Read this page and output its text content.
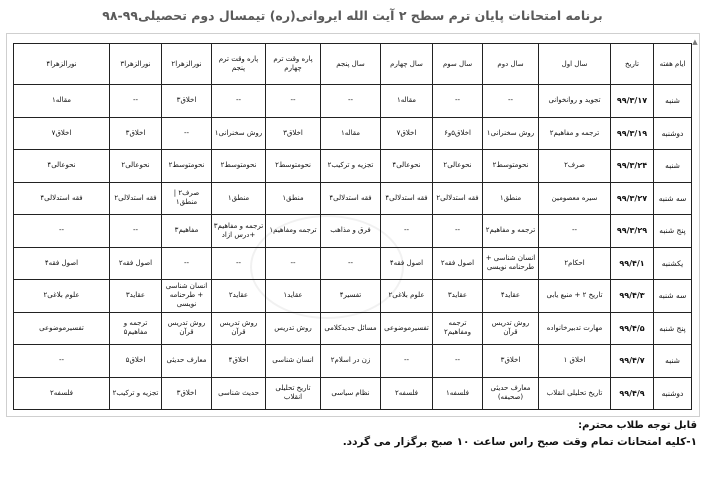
برنامه امتحانات پایان ترم سطح ۲ آیت الله ایروانی(ره) تیمسال دوم تحصیلی۹۹-۹۸
▲
ایام هفته	تاریخ	سال اول	سال دوم	سال سوم	سال چهارم	سال پنجم	پاره وقت ترم چهارم	پاره وقت ترم پنجم	نورالزهرا۲	نورالزهرا۳	نورالزهرا۴
شنبه	۹۹/۳/۱۷	تجوید و روانخوانی	--	--	مقاله۱	--	--	--	اخلاق۳	--	مقاله۱
دوشنبه	۹۹/۳/۱۹	ترجمه و مفاهیم۲	روش سخنرانی۱	اخلاق۵و۶	اخلاق۷	مقاله۱	اخلاق۳	روش سخنرانی۱	--	اخلاق۳	اخلاق۷
شنبه	۹۹/۳/۲۴	صرف۲	نحومتوسط۲	نحوعالی۲	نحوعالی۴	تجزیه و ترکیب۲	نحومتوسط۲	نحومتوسط۲	نحومتوسط۲	نحوعالی۲	نحوعالی۴
سه شنبه	۹۹/۳/۲۷	سیره معصومین	منطق۱	فقه استدلالی۲	فقه استدلالی۴	فقه استدلالی۴	منطق۱	منطق۱	صرف۲ | منطق۱	فقه استدلالی۲	فقه استدلالی۴
پنج شنبه	۹۹/۳/۲۹	--	ترجمه و مفاهیم۲	--	--	فرق و مذاهب	ترجمه ومفاهیم۱	ترجمه و مفاهیم۳ +درس ازاد	مفاهیم۳	--	--
یکشنبه	۹۹/۴/۱	احکام۲	انسان شناسی + طرحنامه نویسی	اصول فقه۲	اصول فقه۴	--	--	--	--	اصول فقه۲	اصول فقه۴
سه شنبه	۹۹/۴/۳	تاریخ ۲ + منبع یابی	عقاید۴	عقاید۳	علوم بلاغی۲	تفسیر۴	عقاید۱	عقاید۲	انسان شناسی + طرحنامه نویسی	عقاید۳	علوم بلاغی۲
پنج شنبه	۹۹/۴/۵	مهارت تدبیرخانواده	روش تدریس قرآن	ترجمه ومفاهیم۲	تفسیرموضوعی	مسائل جدیدکلامی	روش تدریس	روش تدریس قرآن	روش تدریس قرآن	ترجمه و مفاهیم۵	تفسیرموضوعی
شنبه	۹۹/۴/۷	اخلاق ۱	اخلاق۳	--	--	زن در اسلام۲	انسان شناسی	اخلاق۴	معارف حدیثی	اخلاق۵	--
دوشنبه	۹۹/۴/۹	تاریخ تحلیلی انقلاب	معارف حدیثی (صحیفه)	فلسفه۱	فلسفه۲	نظام سیاسی	تاریخ تحلیلی انقلاب	حدیث شناسی	اخلاق۳	تجزیه و ترکیب۲	فلسفه۲
قابل توجه طلاب محترم:
۱-کلیه امتحانات تمام وقت صبح راس ساعت ۱۰ صبح برگزار می گردد.
